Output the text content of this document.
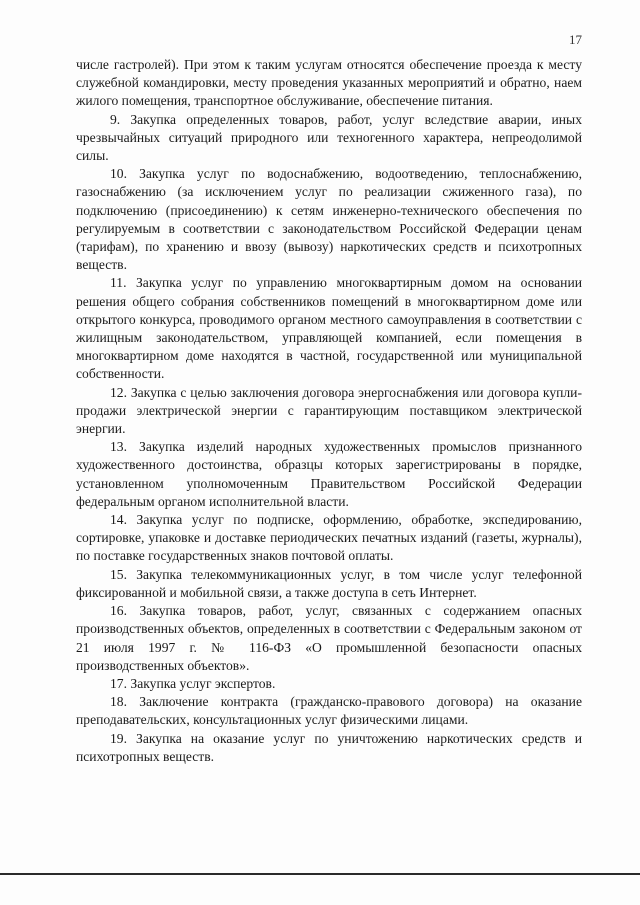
17

числе гастролей). При этом к таким услугам относятся обеспечение проезда к месту служебной командировки, месту проведения указанных мероприятий и обратно, наем жилого помещения, транспортное обслуживание, обеспечение питания.

9. Закупка определенных товаров, работ, услуг вследствие аварии, иных чрезвычайных ситуаций природного или техногенного характера, непреодолимой силы.

10. Закупка услуг по водоснабжению, водоотведению, теплоснабжению, газоснабжению (за исключением услуг по реализации сжиженного газа), по подключению (присоединению) к сетям инженерно-технического обеспечения по регулируемым в соответствии с законодательством Российской Федерации ценам (тарифам), по хранению и ввозу (вывозу) наркотических средств и психотропных веществ.

11. Закупка услуг по управлению многоквартирным домом на основании решения общего собрания собственников помещений в многоквартирном доме или открытого конкурса, проводимого органом местного самоуправления в соответствии с жилищным законодательством, управляющей компанией, если помещения в многоквартирном доме находятся в частной, государственной или муниципальной собственности.

12. Закупка с целью заключения договора энергоснабжения или договора купли-продажи электрической энергии с гарантирующим поставщиком электрической энергии.

13. Закупка изделий народных художественных промыслов признанного художественного достоинства, образцы которых зарегистрированы в порядке, установленном уполномоченным Правительством Российской Федерации федеральным органом исполнительной власти.

14. Закупка услуг по подписке, оформлению, обработке, экспедированию, сортировке, упаковке и доставке периодических печатных изданий (газеты, журналы), по поставке государственных знаков почтовой оплаты.

15. Закупка телекоммуникационных услуг, в том числе услуг телефонной фиксированной и мобильной связи, а также доступа в сеть Интернет.

16. Закупка товаров, работ, услуг, связанных с содержанием опасных производственных объектов, определенных в соответствии с Федеральным законом от 21 июля 1997 г. № 116-ФЗ «О промышленной безопасности опасных производственных объектов».

17. Закупка услуг экспертов.

18. Заключение контракта (гражданско-правового договора) на оказание преподавательских, консультационных услуг физическими лицами.

19. Закупка на оказание услуг по уничтожению наркотических средств и психотропных веществ.
